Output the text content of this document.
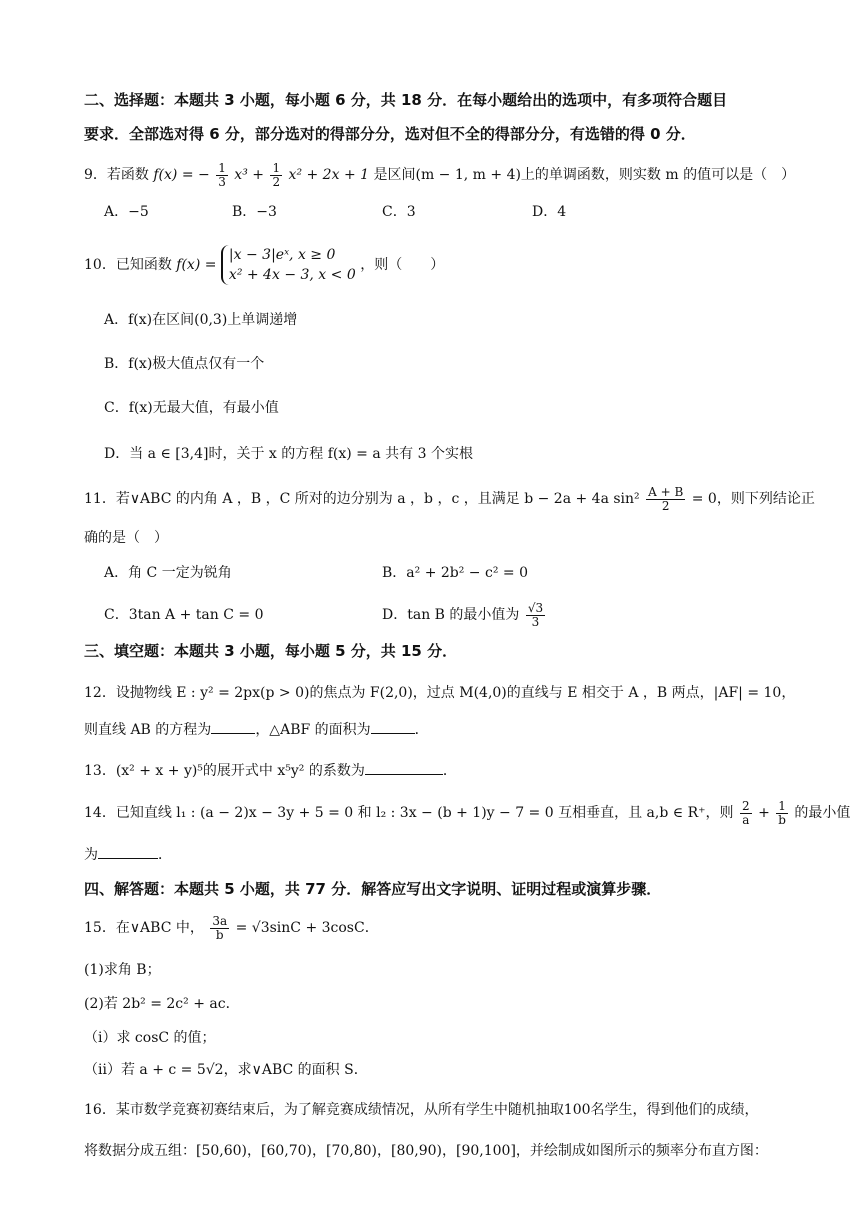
二、选择题：本题共 3 小题，每小题 6 分，共 18 分．在每小题给出的选项中，有多项符合题目
要求．全部选对得 6 分，部分选对的得部分分，选对但不全的得部分分，有选错的得 0 分．
9．若函数 f(x) = − $\frac{1}{3} x^3 + \frac{1}{2} x^2 + 2x + 1$ 是区间(m − 1, m + 4)上的单调函数，则实数 m 的值可以是（　）
A．−5	B．−3	C．3	D．4
10．已知函数 f(x) =
|x − 3|eˣ, x ≥ 0
x² + 4x − 3, x < 0
，则（　　）
A．f(x)在区间(0,3)上单调递增
B．f(x)极大值点仅有一个
C．f(x)无最大值，有最小值
D．当 a ∈ [3,4]时，关于 x 的方程 f(x) = a 共有 3 个实根
11．若∨ABC 的内角 A ，B ，C 所对的边分别为 a ，b ，c ，且满足 b − 2a + 4a $\sin^2 \frac{A + B}{2} = 0$，则下列结论正
确的是（　）
A．角 C 一定为锐角	B．a² + 2b² − c² = 0
C．3tan A + tan C = 0	D．tan B 的最小值为 $\frac{√3}{3}$
三、填空题：本题共 3 小题，每小题 5 分，共 15 分．
12．设抛物线 E : y² = 2px(p > 0)的焦点为 F(2,0)，过点 M(4,0)的直线与 E 相交于 A ，B 两点，|AF| = 10，
则直线 AB 的方程为	，△ABF 的面积为	．
13．(x² + x + y)⁵的展开式中 x⁵y² 的系数为	．
14．已知直线 l₁ : (a − 2)x − 3y + 5 = 0 和 l₂ : 3x − (b + 1)y − 7 = 0 互相垂直，且 a,b ∈ R⁺，则 $\frac{2}{a} + \frac{1}{b}$ 的最小值
为	．
四、解答题：本题共 5 小题，共 77 分．解答应写出文字说明、证明过程或演算步骤．
15．在∨ABC 中， $\frac{3a}{b} = √3\sin C + 3\cos C$．
(1)求角 B；
(2)若 2b² = 2c² + ac．
（ⅰ）求 cosC 的值；
（ⅱ）若 a + c = 5√2，求∨ABC 的面积 S．
16．某市数学竞赛初赛结束后，为了解竞赛成绩情况，从所有学生中随机抽取100名学生，得到他们的成绩，
将数据分成五组：[50,60)，[60,70)，[70,80)，[80,90)，[90,100]，并绘制成如图所示的频率分布直方图：
